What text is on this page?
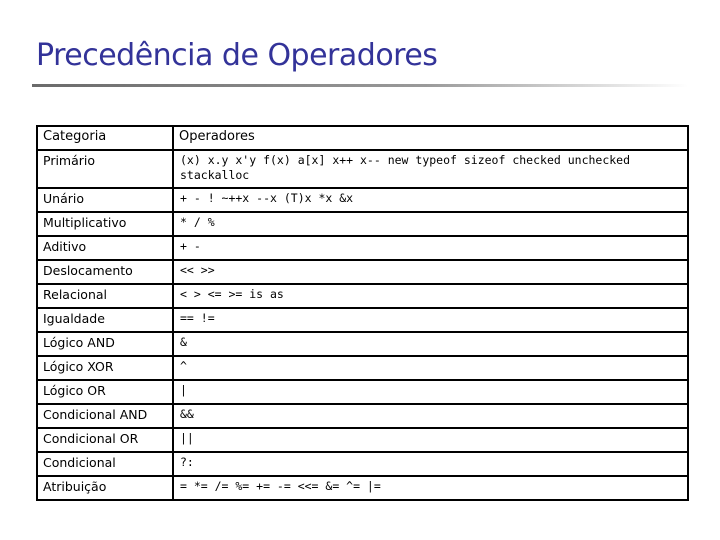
Precedência de Operadores
Categoria	Operadores
Primário	(x) x.y x'y f(x) a[x] x++ x-- new typeof sizeof checked unchecked stackalloc
Unário	+ - ! ~++x --x (T)x *x &x
Multiplicativo	* / %
Aditivo	+ -
Deslocamento	<< >>
Relacional	< > <= >= is as
Igualdade	== !=
Lógico AND	&
Lógico XOR	^
Lógico OR	|
Condicional AND	&&
Condicional OR	||
Condicional	?:
Atribuição	= *= /= %= += -= <<= &= ^= |=
